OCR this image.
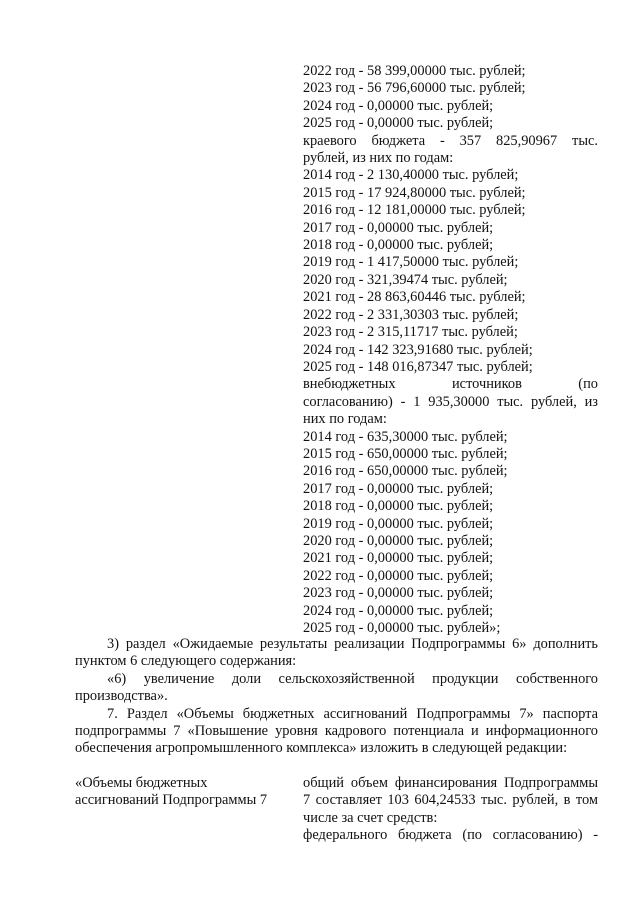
2022 год - 58 399,00000 тыс. рублей;
2023 год - 56 796,60000 тыс. рублей;
2024 год - 0,00000 тыс. рублей;
2025 год - 0,00000 тыс. рублей;
краевого бюджета - 357 825,90967 тыс.
рублей, из них по годам:
2014 год - 2 130,40000 тыс. рублей;
2015 год - 17 924,80000 тыс. рублей;
2016 год - 12 181,00000 тыс. рублей;
2017 год - 0,00000 тыс. рублей;
2018 год - 0,00000 тыс. рублей;
2019 год - 1 417,50000 тыс. рублей;
2020 год - 321,39474 тыс. рублей;
2021 год - 28 863,60446 тыс. рублей;
2022 год - 2 331,30303 тыс. рублей;
2023 год - 2 315,11717 тыс. рублей;
2024 год - 142 323,91680 тыс. рублей;
2025 год - 148 016,87347 тыс. рублей;
внебюджетных источников (по
согласованию) - 1 935,30000 тыс. рублей, из
них по годам:
2014 год - 635,30000 тыс. рублей;
2015 год - 650,00000 тыс. рублей;
2016 год - 650,00000 тыс. рублей;
2017 год - 0,00000 тыс. рублей;
2018 год - 0,00000 тыс. рублей;
2019 год - 0,00000 тыс. рублей;
2020 год - 0,00000 тыс. рублей;
2021 год - 0,00000 тыс. рублей;
2022 год - 0,00000 тыс. рублей;
2023 год - 0,00000 тыс. рублей;
2024 год - 0,00000 тыс. рублей;
2025 год - 0,00000 тыс. рублей»;

3) раздел «Ожидаемые результаты реализации Подпрограммы 6» дополнить пунктом 6 следующего содержания:

«6) увеличение доли сельскохозяйственной продукции собственного производства».

7. Раздел «Объемы бюджетных ассигнований Подпрограммы 7» паспорта подпрограммы 7 «Повышение уровня кадрового потенциала и информационного обеспечения агропромышленного комплекса» изложить в следующей редакции:

«Объемы бюджетных
ассигнований Подпрограммы 7
общий объем финансирования Подпрограммы 7 составляет 103 604,24533 тыс. рублей, в том числе за счет средств:
федерального бюджета (по согласованию) -
